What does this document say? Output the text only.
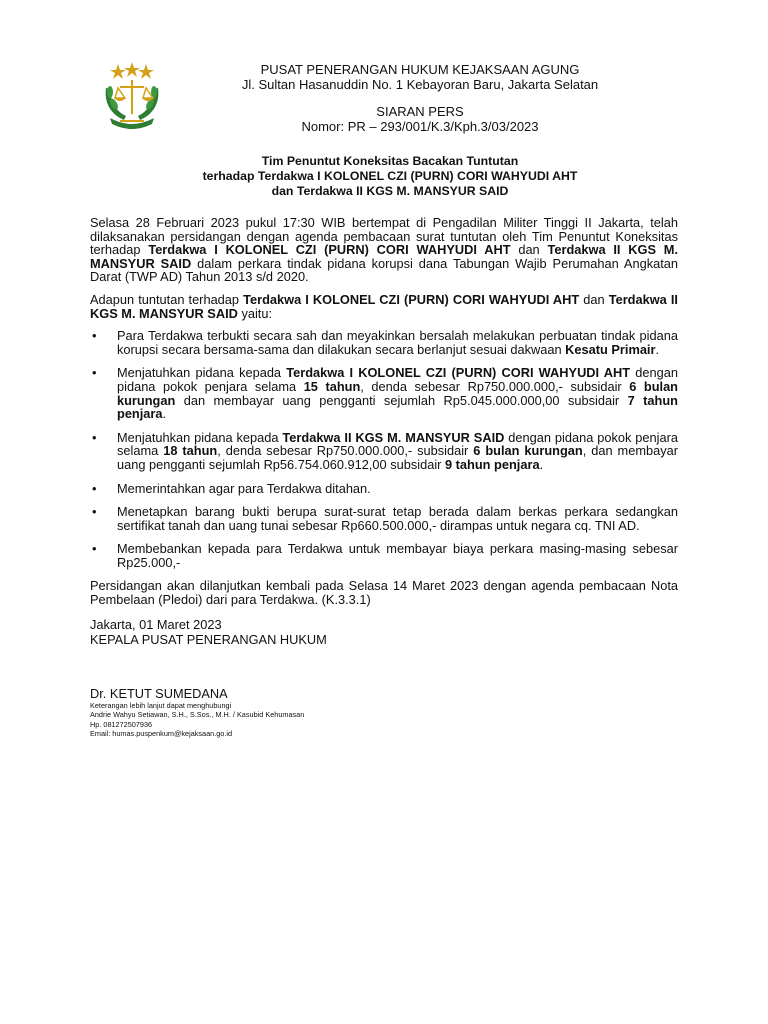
PUSAT PENERANGAN HUKUM KEJAKSAAN AGUNG
Jl. Sultan Hasanuddin No. 1 Kebayoran Baru, Jakarta Selatan
SIARAN PERS
Nomor: PR – 293/001/K.3/Kph.3/03/2023
Tim Penuntut Koneksitas Bacakan Tuntutan
terhadap Terdakwa I KOLONEL CZI (PURN) CORI WAHYUDI AHT
dan Terdakwa II KGS M. MANSYUR SAID

Selasa 28 Februari 2023 pukul 17:30 WIB bertempat di Pengadilan Militer Tinggi II Jakarta, telah dilaksanakan persidangan dengan agenda pembacaan surat tuntutan oleh Tim Penuntut Koneksitas terhadap Terdakwa I KOLONEL CZI (PURN) CORI WAHYUDI AHT dan Terdakwa II KGS M. MANSYUR SAID dalam perkara tindak pidana korupsi dana Tabungan Wajib Perumahan Angkatan Darat (TWP AD) Tahun 2013 s/d 2020.

Adapun tuntutan terhadap Terdakwa I KOLONEL CZI (PURN) CORI WAHYUDI AHT dan Terdakwa II KGS M. MANSYUR SAID yaitu:

• Para Terdakwa terbukti secara sah dan meyakinkan bersalah melakukan perbuatan tindak pidana korupsi secara bersama-sama dan dilakukan secara berlanjut sesuai dakwaan Kesatu Primair.
• Menjatuhkan pidana kepada Terdakwa I KOLONEL CZI (PURN) CORI WAHYUDI AHT dengan pidana pokok penjara selama 15 tahun, denda sebesar Rp750.000.000,- subsidair 6 bulan kurungan dan membayar uang pengganti sejumlah Rp5.045.000.000,00 subsidair 7 tahun penjara.
• Menjatuhkan pidana kepada Terdakwa II KGS M. MANSYUR SAID dengan pidana pokok penjara selama 18 tahun, denda sebesar Rp750.000.000,- subsidair 6 bulan kurungan, dan membayar uang pengganti sejumlah Rp56.754.060.912,00 subsidair 9 tahun penjara.
• Memerintahkan agar para Terdakwa ditahan.
• Menetapkan barang bukti berupa surat-surat tetap berada dalam berkas perkara sedangkan sertifikat tanah dan uang tunai sebesar Rp660.500.000,- dirampas untuk negara cq. TNI AD.
• Membebankan kepada para Terdakwa untuk membayar biaya perkara masing-masing sebesar Rp25.000,-

Persidangan akan dilanjutkan kembali pada Selasa 14 Maret 2023 dengan agenda pembacaan Nota Pembelaan (Pledoi) dari para Terdakwa. (K.3.3.1)

Jakarta, 01 Maret 2023
KEPALA PUSAT PENERANGAN HUKUM
Dr. KETUT SUMEDANA
Keterangan lebih lanjut dapat menghubungi
Andrie Wahyu Setiawan, S.H., S.Sos., M.H. / Kasubid Kehumasan
Hp. 081272507936
Email: humas.puspenkum@kejaksaan.go.id
